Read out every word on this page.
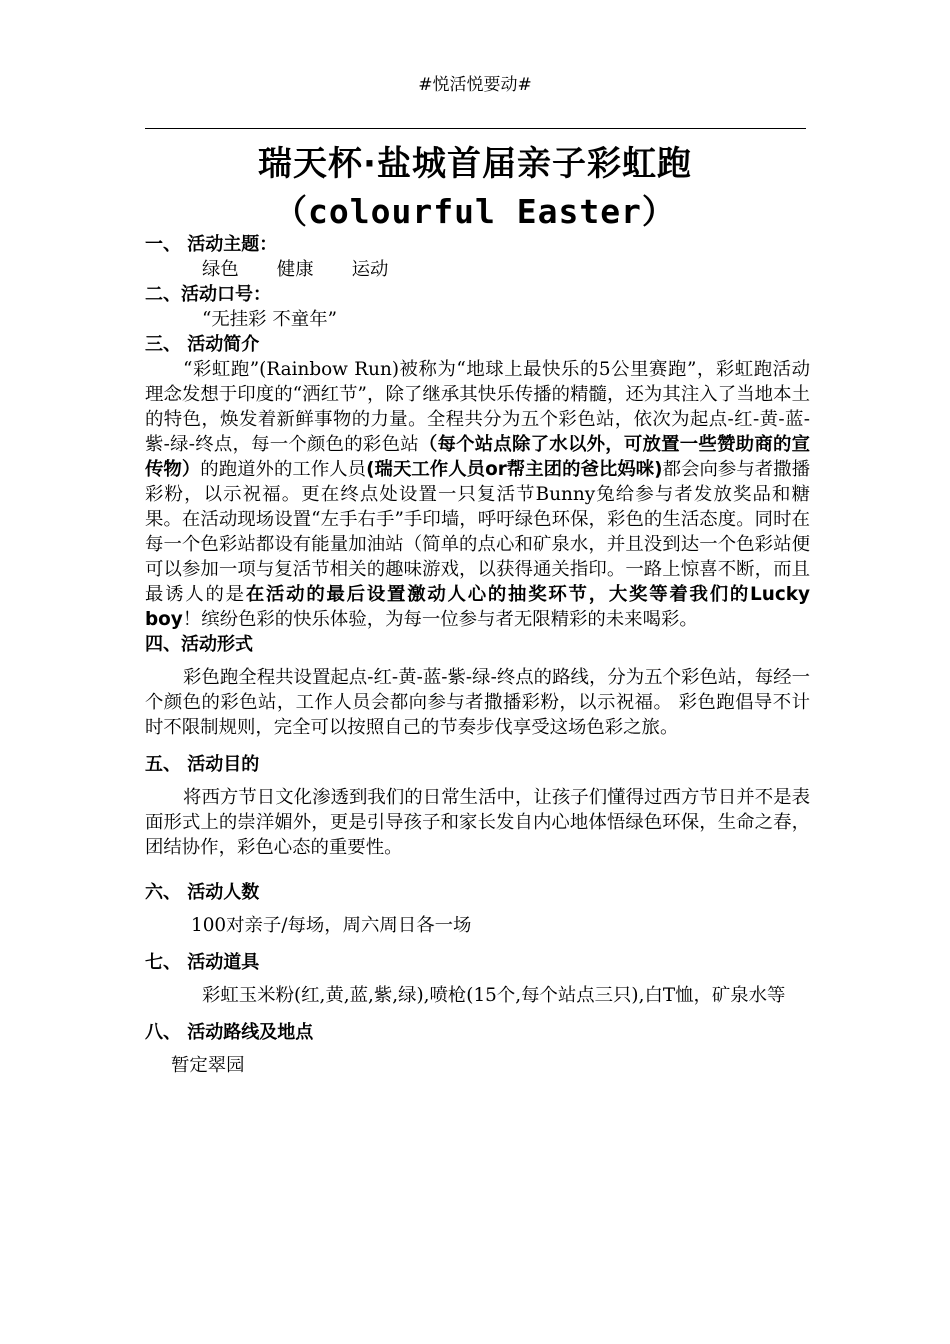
#悦活悦要动#
瑞天杯·盐城首届亲子彩虹跑
（colourful Easter）
一、 活动主题：
绿色 健康 运动
二、活动口号：
“无挂彩 不童年”
三、 活动简介
“彩虹跑”(Rainbow Run)被称为“地球上最快乐的5公里赛跑”，彩虹跑活动理念发想于印度的“洒红节”，除了继承其快乐传播的精髓，还为其注入了当地本土的特色，焕发着新鲜事物的力量。全程共分为五个彩色站，依次为起点-红-黄-蓝-紫-绿-终点，每一个颜色的彩色站（每个站点除了水以外，可放置一些赞助商的宣传物）的跑道外的工作人员(瑞天工作人员or帮主团的爸比妈咪)都会向参与者撒播彩粉，以示祝福。更在终点处设置一只复活节Bunny兔给参与者发放奖品和糖果。在活动现场设置“左手右手”手印墙，呼吁绿色环保，彩色的生活态度。同时在每一个色彩站都设有能量加油站（简单的点心和矿泉水，并且没到达一个色彩站便可以参加一项与复活节相关的趣味游戏，以获得通关指印。一路上惊喜不断，而且最诱人的是在活动的最后设置激动人心的抽奖环节，大奖等着我们的Lucky boy！缤纷色彩的快乐体验，为每一位参与者无限精彩的未来喝彩。
四、活动形式
彩色跑全程共设置起点-红-黄-蓝-紫-绿-终点的路线，分为五个彩色站，每经一个颜色的彩色站，工作人员会都向参与者撒播彩粉，以示祝福。 彩色跑倡导不计时不限制规则，完全可以按照自己的节奏步伐享受这场色彩之旅。
五、 活动目的
将西方节日文化渗透到我们的日常生活中，让孩子们懂得过西方节日并不是表面形式上的崇洋媚外，更是引导孩子和家长发自内心地体悟绿色环保，生命之春，团结协作，彩色心态的重要性。
六、 活动人数
100对亲子/每场，周六周日各一场
七、 活动道具
彩虹玉米粉(红,黄,蓝,紫,绿),喷枪(15个,每个站点三只),白T恤，矿泉水等
八、 活动路线及地点
暂定翠园
